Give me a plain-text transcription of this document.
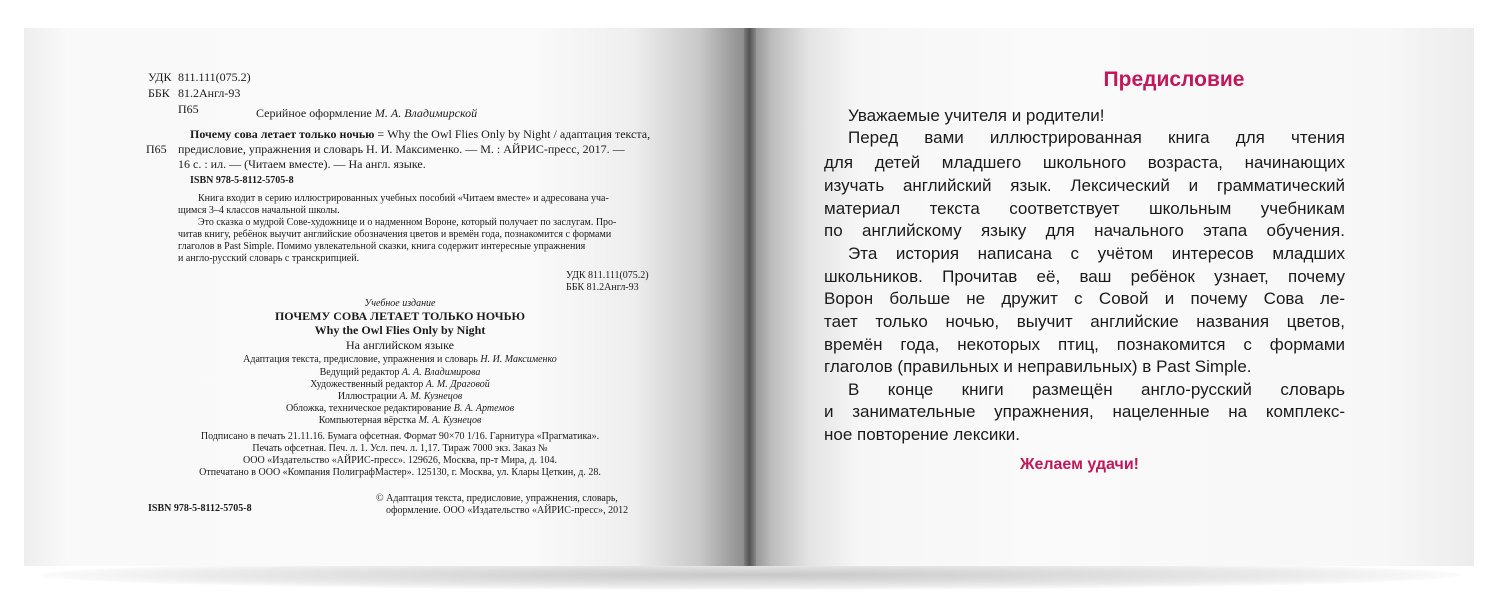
УДК 811.111(075.2)
ББК 81.2Англ-93
П65	Серийное оформление М. А. Владимирской
П65
Почему сова летает только ночью = Why the Owl Flies Only by Night / адаптация текста,
предисловие, упражнения и словарь Н. И. Максименко. — М. : АЙРИС-пресс, 2017. —
16 с. : ил. — (Читаем вместе). — На англ. языке.
ISBN 978-5-8112-5705-8
Книга входит в серию иллюстрированных учебных пособий «Читаем вместе» и адресована уча-
щимся 3–4 классов начальной школы.
Это сказка о мудрой Сове-художнице и о надменном Вороне, который получает по заслугам. Про-
читав книгу, ребёнок выучит английские обозначения цветов и времён года, познакомится с формами
глаголов в Past Simple. Помимо увлекательной сказки, книга содержит интересные упражнения
и англо-русский словарь с транскрипцией.
УДК 811.111(075.2)
ББК 81.2Англ-93
Учебное издание
ПОЧЕМУ СОВА ЛЕТАЕТ ТОЛЬКО НОЧЬЮ
Why the Owl Flies Only by Night
На английском языке
Адаптация текста, предисловие, упражнения и словарь Н. И. Максименко
Ведущий редактор А. А. Владимирова
Художественный редактор А. М. Драговой
Иллюстрации А. М. Кузнецов
Обложка, техническое редактирование В. А. Артемов
Компьютерная вёрстка М. А. Кузнецов
Подписано в печать 21.11.16. Бумага офсетная. Формат 90×70 1/16. Гарнитура «Прагматика».
Печать офсетная. Печ. л. 1. Усл. печ. л. 1,17. Тираж 7000 экз. Заказ №
ООО «Издательство «АЙРИС-пресс». 129626, Москва, пр-т Мира, д. 104.
Отпечатано в ООО «Компания ПолиграфМастер». 125130, г. Москва, ул. Клары Цеткин, д. 28.
ISBN 978-5-8112-5705-8
© Адаптация текста, предисловие, упражнения, словарь,
оформление. ООО «Издательство «АЙРИС-пресс», 2012
Предисловие
Уважаемые учителя и родители!
Перед вами иллюстрированная книга для чтения
для детей младшего школьного возраста, начинающих
изучать английский язык. Лексический и грамматический
материал текста соответствует школьным учебникам
по английскому языку для начального этапа обучения.
Эта история написана с учётом интересов младших
школьников. Прочитав её, ваш ребёнок узнает, почему
Ворон больше не дружит с Совой и почему Сова ле-
тает только ночью, выучит английские названия цветов,
времён года, некоторых птиц, познакомится с формами
глаголов (правильных и неправильных) в Past Simple.
В конце книги размещён англо-русский словарь
и занимательные упражнения, нацеленные на комплекс-
ное повторение лексики.
Желаем удачи!
